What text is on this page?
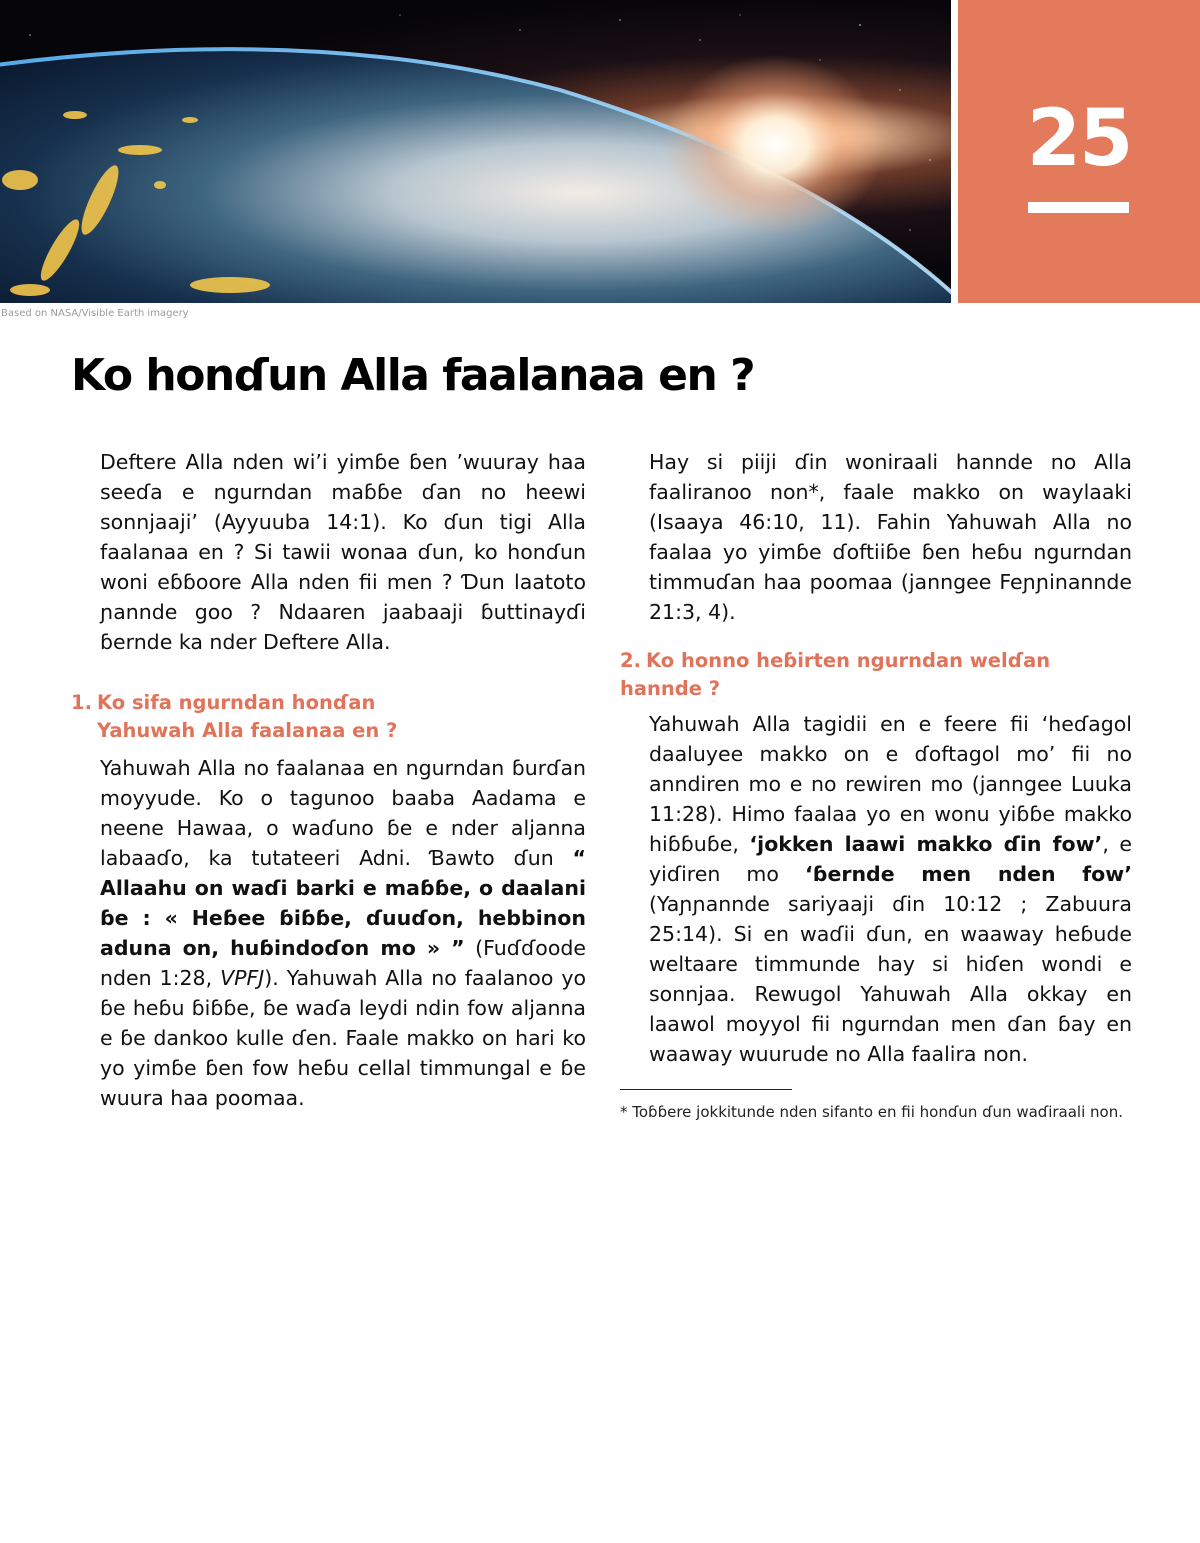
25
Based on NASA/Visible Earth imagery
Ko honɗun Alla faalanaa en ?

Deftere Alla nden wi’i yimɓe ɓen ’wuuray haa seeɗa e ngurndan maɓɓe ɗan no heewi sonnjaaji’ (Ayyuuba 14:1). Ko ɗun tigi Alla faalanaa en ? Si tawii wonaa ɗun, ko honɗun woni eɓɓoore Alla nden fii men ? Ɗun laatoto ɲannde goo ? Ndaaren jaabaaji ɓuttinayɗi ɓernde ka nder Deftere Alla.

1. Ko sifa ngurndan honɗan
Yahuwah Alla faalanaa en ?

Yahuwah Alla no faalanaa en ngurndan ɓurɗan moyyude. Ko o tagunoo baaba Aadama e neene Hawaa, o waɗuno ɓe e nder aljanna labaaɗo, ka tutateeri Adni. Ɓawto ɗun “ Allaahu on waɗi barki e maɓɓe, o daalani ɓe : « Heɓee ɓiɓɓe, ɗuuɗon, hebbinon aduna on, huɓindoɗon mo » ” (Fuɗɗoode nden 1:28, VPFJ). Yahuwah Alla no faalanoo yo ɓe heɓu ɓiɓɓe, ɓe waɗa leydi ndin fow aljanna e ɓe dankoo kulle ɗen. Faale makko on hari ko yo yimɓe ɓen fow heɓu cellal timmungal e ɓe wuura haa poomaa.

Hay si piiji ɗin woniraali hannde no Alla faaliranoo non*, faale makko on waylaaki (Isaaya 46:10, 11). Fahin Yahuwah Alla no faalaa yo yimɓe ɗoftiiɓe ɓen heɓu ngurndan timmuɗan haa poomaa (janngee Feɲɲinannde 21:3, 4).

2. Ko honno heɓirten ngurndan welɗan hannde ?

Yahuwah Alla tagidii en e feere fii ‘heɗagol daaluyee makko on e ɗoftagol mo’ fii no anndiren mo e no rewiren mo (janngee Luuka 11:28). Himo faalaa yo en wonu yiɓɓe makko hiɓɓuɓe, ‘jokken laawi makko ɗin fow’, e yiɗiren mo ‘ɓernde men nden fow’ (Yaɲɲannde sariyaaji ɗin 10:12 ; Zabuura 25:14). Si en waɗii ɗun, en waaway heɓude weltaare timmunde hay si hiɗen wondi e sonnjaa. Rewugol Yahuwah Alla okkay en laawol moyyol fii ngurndan men ɗan ɓay en waaway wuurude no Alla faalira non.

* Toɓɓere jokkitunde nden sifanto en fii honɗun ɗun waɗiraali non.
